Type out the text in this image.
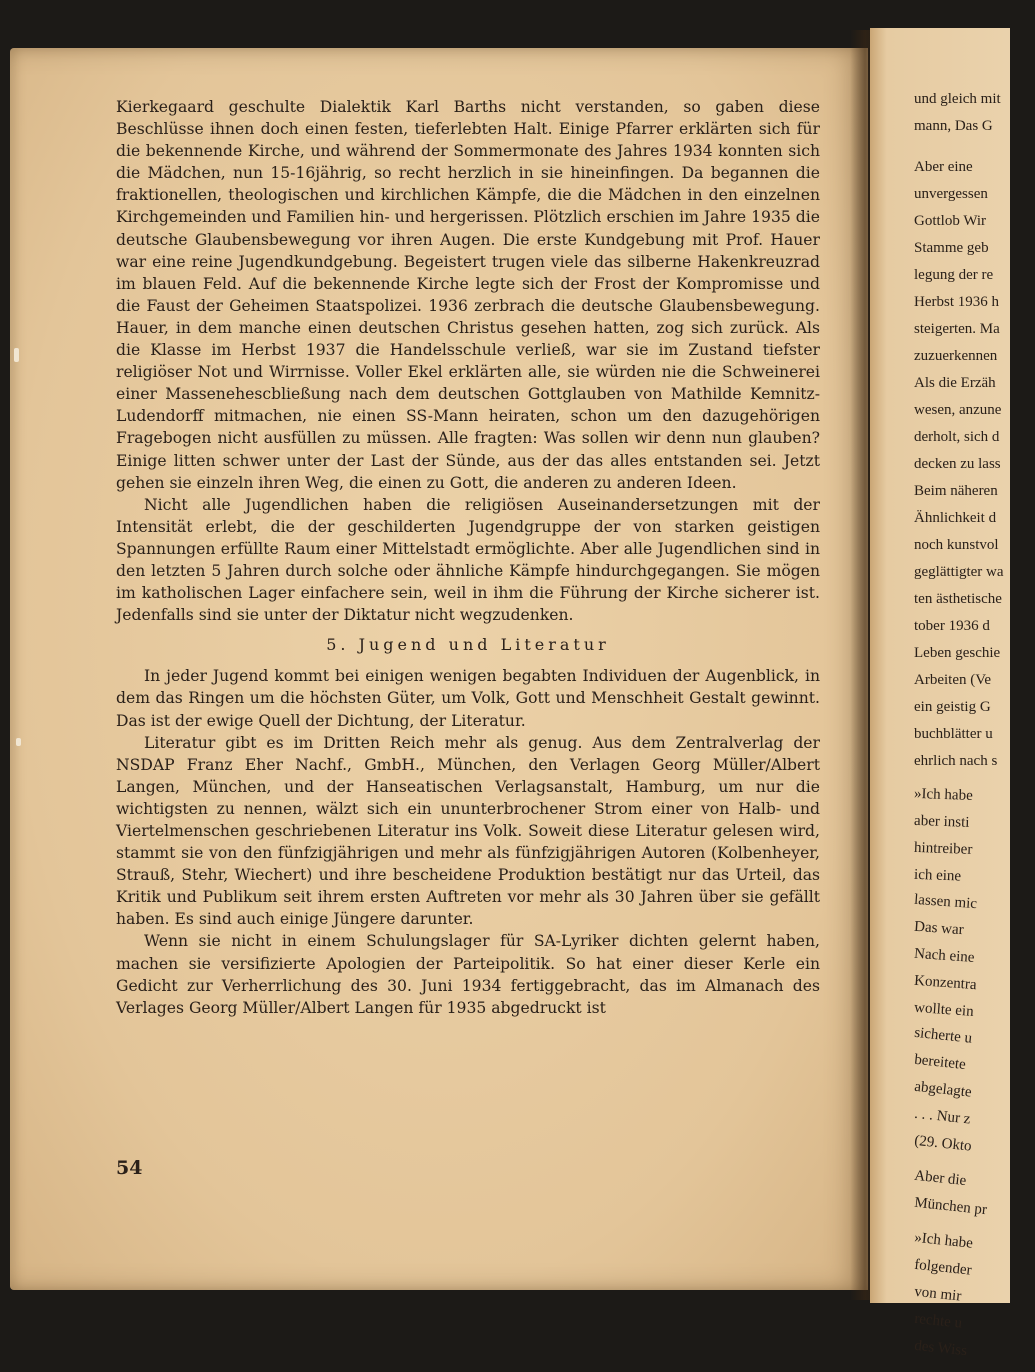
Kierkegaard geschulte Dialektik Karl Barths nicht verstanden, so gaben diese Beschlüsse ihnen doch einen festen, tieferlebten Halt. Einige Pfarrer erklärten sich für die bekennende Kirche, und während der Sommermonate des Jahres 1934 konnten sich die Mädchen, nun 15-16jährig, so recht herzlich in sie hineinfingen. Da begannen die fraktionellen, theologischen und kirchlichen Kämpfe, die die Mädchen in den einzelnen Kirchgemeinden und Familien hin- und hergerissen. Plötzlich erschien im Jahre 1935 die deutsche Glaubensbewegung vor ihren Augen. Die erste Kundgebung mit Prof. Hauer war eine reine Jugendkundgebung. Begeistert trugen viele das silberne Hakenkreuzrad im blauen Feld. Auf die bekennende Kirche legte sich der Frost der Kompromisse und die Faust der Geheimen Staatspolizei. 1936 zerbrach die deutsche Glaubensbewegung. Hauer, in dem manche einen deutschen Christus gesehen hatten, zog sich zurück. Als die Klasse im Herbst 1937 die Handelsschule verließ, war sie im Zustand tiefster religiöser Not und Wirrnisse. Voller Ekel erklärten alle, sie würden nie die Schweinerei einer Massenehescbließung nach dem deutschen Gottglauben von Mathilde Kemnitz-Ludendorff mitmachen, nie einen SS-Mann heiraten, schon um den dazugehörigen Fragebogen nicht ausfüllen zu müssen. Alle fragten: Was sollen wir denn nun glauben? Einige litten schwer unter der Last der Sünde, aus der das alles entstanden sei. Jetzt gehen sie einzeln ihren Weg, die einen zu Gott, die anderen zu anderen Ideen.

Nicht alle Jugendlichen haben die religiösen Auseinandersetzungen mit der Intensität erlebt, die der geschilderten Jugendgruppe der von starken geistigen Spannungen erfüllte Raum einer Mittelstadt ermöglichte. Aber alle Jugendlichen sind in den letzten 5 Jahren durch solche oder ähnliche Kämpfe hindurchgegangen. Sie mögen im katholischen Lager einfachere sein, weil in ihm die Führung der Kirche sicherer ist. Jedenfalls sind sie unter der Diktatur nicht wegzudenken.

5. Jugend und Literatur

In jeder Jugend kommt bei einigen wenigen begabten Individuen der Augenblick, in dem das Ringen um die höchsten Güter, um Volk, Gott und Menschheit Gestalt gewinnt. Das ist der ewige Quell der Dichtung, der Literatur.

Literatur gibt es im Dritten Reich mehr als genug. Aus dem Zentralverlag der NSDAP Franz Eher Nachf., GmbH., München, den Verlagen Georg Müller/Albert Langen, München, und der Hanseatischen Verlagsanstalt, Hamburg, um nur die wichtigsten zu nennen, wälzt sich ein ununterbrochener Strom einer von Halb- und Viertelmenschen geschriebenen Literatur ins Volk. Soweit diese Literatur gelesen wird, stammt sie von den fünfzigjährigen und mehr als fünfzigjährigen Autoren (Kolbenheyer, Strauß, Stehr, Wiechert) und ihre bescheidene Produktion bestätigt nur das Urteil, das Kritik und Publikum seit ihrem ersten Auftreten vor mehr als 30 Jahren über sie gefällt haben. Es sind auch einige Jüngere darunter.

Wenn sie nicht in einem Schulungslager für SA-Lyriker dichten gelernt haben, machen sie versifizierte Apologien der Parteipolitik. So hat einer dieser Kerle ein Gedicht zur Verherrlichung des 30. Juni 1934 fertiggebracht, das im Almanach des Verlages Georg Müller/Albert Langen für 1935 abgedruckt ist

54
und gleich mit
mann, Das G
Aber eine
unvergessen
Gottlob Wir
Stamme geb
legung der re
Herbst 1936 h
steigerten. Ma
zuzuerkennen
Als die Erzäh
wesen, anzune
derholt, sich d
decken zu lass
Beim näheren
Ähnlichkeit d
noch kunstvol
geglättigter wa
ten ästhetische
tober 1936 d
Leben geschie
Arbeiten (Ve
ein geistig G
buchblätter u
ehrlich nach s
»Ich habe
aber insti
hintreiber
ich eine
lassen mic
Das war
Nach eine
Konzentra
wollte ein
sicherte u
bereitete
abgelagte
. . . Nur z
(29. Okto
Aber die
München pr
»Ich habe
folgender
von mir
rechte u
des Wiss
